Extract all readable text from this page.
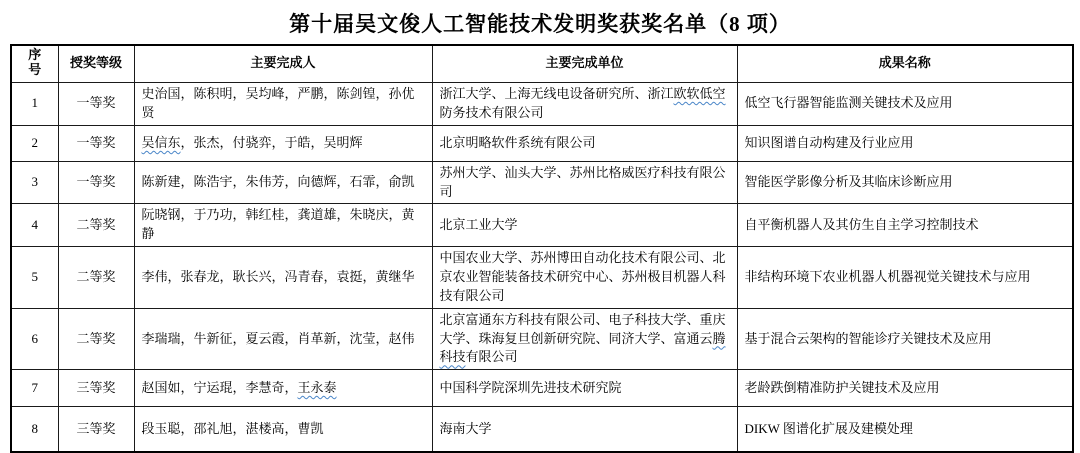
第十届吴文俊人工智能技术发明奖获奖名单（8 项）
序号	授奖等级	主要完成人	主要完成单位	成果名称
1	一等奖	史治国，陈积明，吴均峰，严鹏，陈剑锽，孙优贤	浙江大学、上海无线电设备研究所、浙江欧软低空防务技术有限公司	低空飞行器智能监测关键技术及应用
2	一等奖	吴信东，张杰，付骁弈，于皓，吴明辉	北京明略软件系统有限公司	知识图谱自动构建及行业应用
3	一等奖	陈新建，陈浩宇，朱伟芳，向德辉，石霏，俞凯	苏州大学、汕头大学、苏州比格威医疗科技有限公司	智能医学影像分析及其临床诊断应用
4	二等奖	阮晓钢，于乃功，韩红桂，龚道雄，朱晓庆，黄静	北京工业大学	自平衡机器人及其仿生自主学习控制技术
5	二等奖	李伟，张春龙，耿长兴，冯青春，袁挺，黄继华	中国农业大学、苏州博田自动化技术有限公司、北京农业智能装备技术研究中心、苏州极目机器人科技有限公司	非结构环境下农业机器人机器视觉关键技术与应用
6	二等奖	李瑞瑞，牛新征，夏云霞，肖革新，沈莹，赵伟	北京富通东方科技有限公司、电子科技大学、重庆大学、珠海复旦创新研究院、同济大学、富通云腾科技有限公司	基于混合云架构的智能诊疗关键技术及应用
7	三等奖	赵国如，宁运琨，李慧奇，王永泰	中国科学院深圳先进技术研究院	老龄跌倒精准防护关键技术及应用
8	三等奖	段玉聪，邵礼旭，湛楼高，曹凯	海南大学	DIKW 图谱化扩展及建模处理
